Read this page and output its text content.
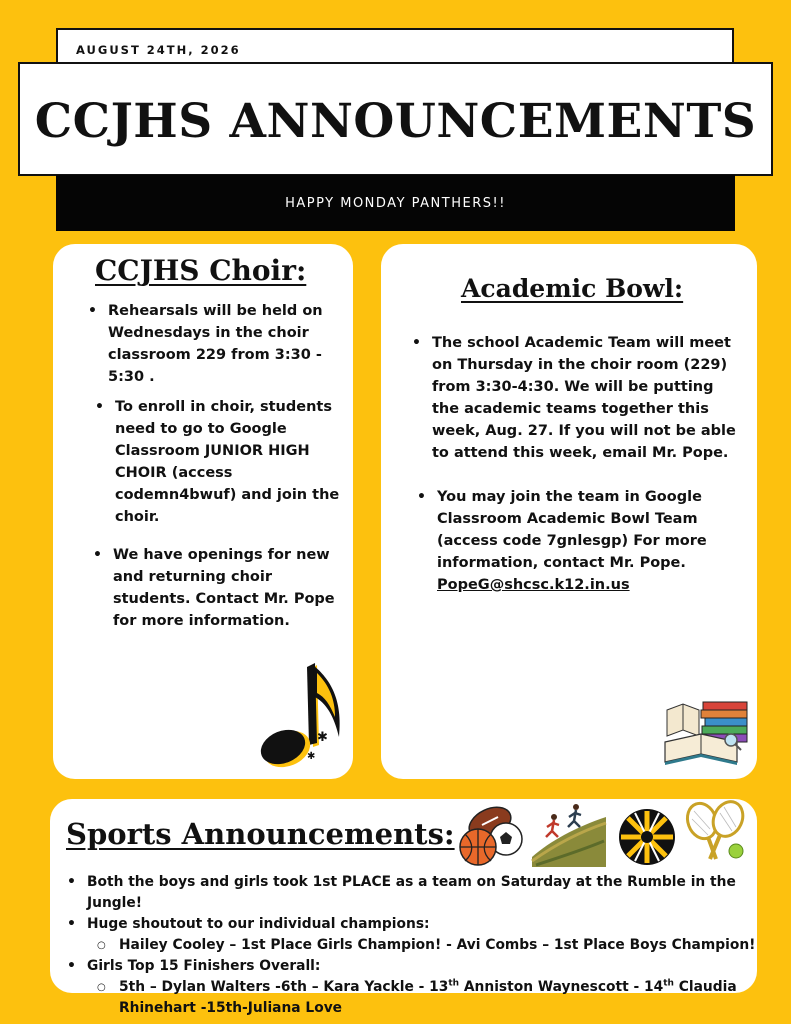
AUGUST 24TH, 2026
CCJHS ANNOUNCEMENTS
HAPPY MONDAY PANTHERS!!
CCJHS Choir:
• Rehearsals will be held on Wednesdays in the choir classroom 229 from 3:30 - 5:30 .
• To enroll in choir, students need to go to Google Classroom JUNIOR HIGH CHOIR (access codemn4bwuf) and join the choir.
• We have openings for new and returning choir students. Contact Mr. Pope for more information.
✱
✱
Academic Bowl:
• The school Academic Team will meet on Thursday in the choir room (229) from 3:30-4:30. We will be putting the academic teams together this week, Aug. 27. If you will not be able to attend this week, email Mr. Pope.
• You may join the team in Google Classroom Academic Bowl Team (access code 7gnlesgp) For more information, contact Mr. Pope.
PopeG@shcsc.k12.in.us
Sports Announcements:
• Both the boys and girls took 1st PLACE as a team on Saturday at the Rumble in the Jungle!
• Huge shoutout to our individual champions:
○ Hailey Cooley – 1st Place Girls Champion! - Avi Combs – 1st Place Boys Champion!
• Girls Top 15 Finishers Overall:
○ 5th – Dylan Walters -6th – Kara Yackle - 13th Anniston Waynescott - 14th Claudia Rhinehart -15th-Juliana Love
